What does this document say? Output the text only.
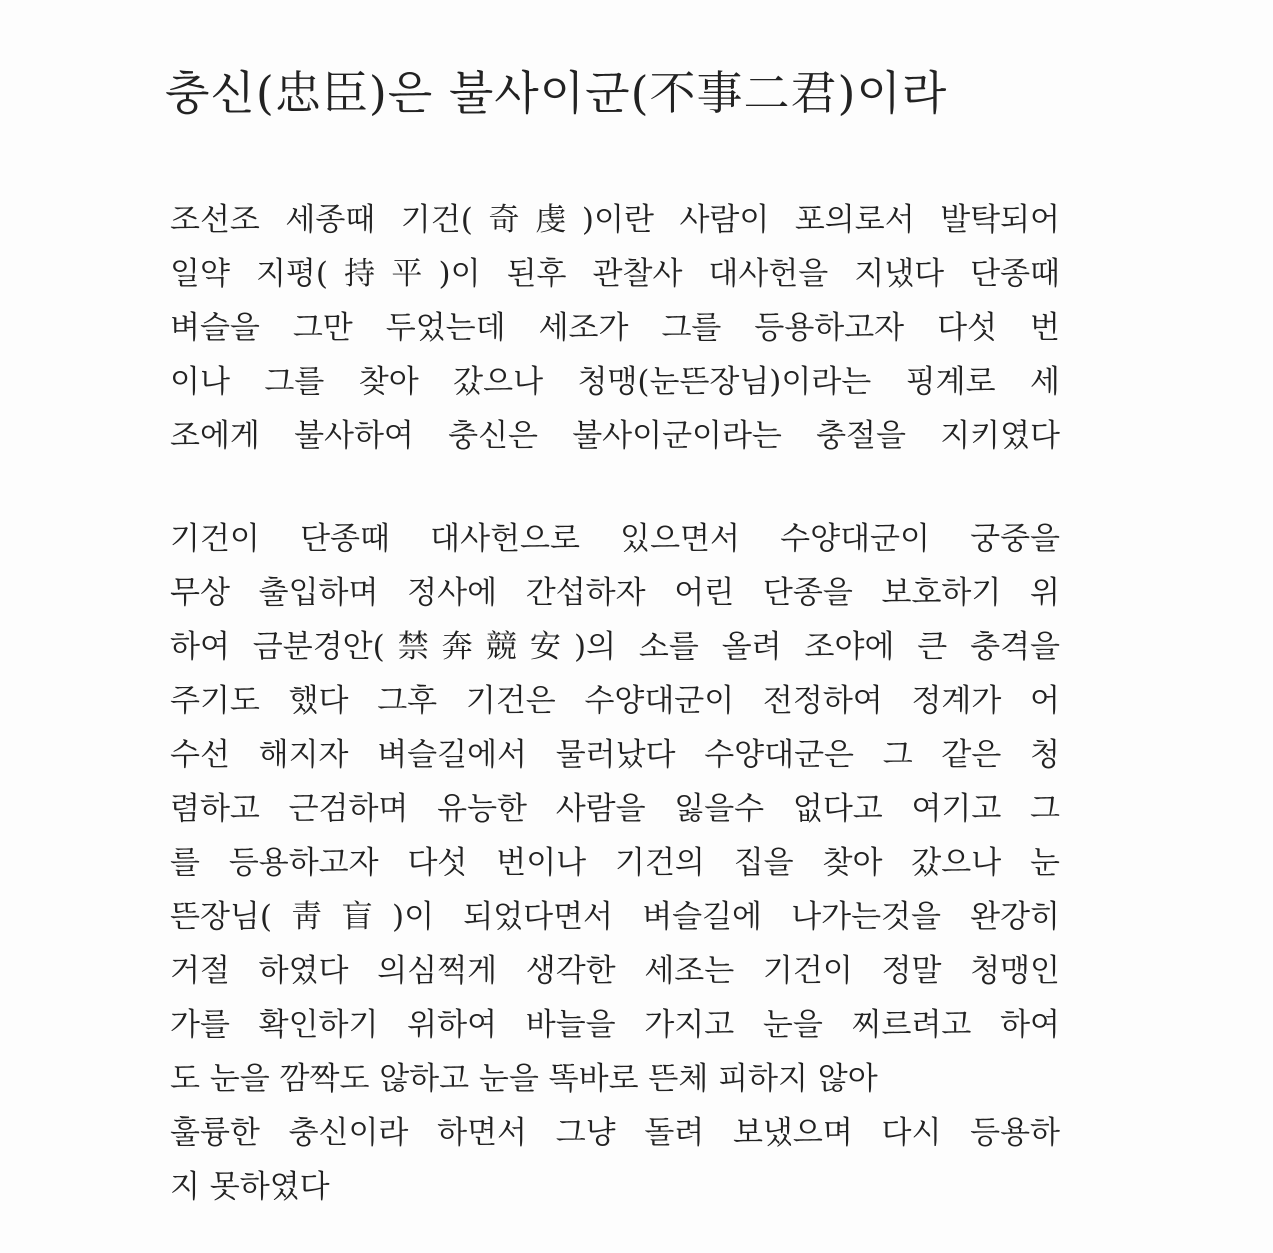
충신(忠臣)은 불사이군(不事二君)이라
조선조 세종때 기건(奇虔)이란 사람이 포의로서 발탁되어
일약 지평(持平)이 된후 관찰사 대사헌을 지냈다 단종때
벼슬을 그만 두었는데 세조가 그를 등용하고자 다섯 번
이나 그를 찾아 갔으나 청맹(눈뜬장님)이라는 핑계로 세
조에게 불사하여 충신은 불사이군이라는 충절을 지키였다
기건이 단종때 대사헌으로 있으면서 수양대군이 궁중을
무상 출입하며 정사에 간섭하자 어린 단종을 보호하기 위
하여 금분경안(禁奔競安)의 소를 올려 조야에 큰 충격을
주기도 했다 그후 기건은 수양대군이 전정하여 정계가 어
수선 해지자 벼슬길에서 물러났다 수양대군은 그 같은 청
렴하고 근검하며 유능한 사람을 잃을수 없다고 여기고 그
를 등용하고자 다섯 번이나 기건의 집을 찾아 갔으나 눈
뜬장님(靑盲)이 되었다면서 벼슬길에 나가는것을 완강히
거절 하였다 의심쩍게 생각한 세조는 기건이 정말 청맹인
가를 확인하기 위하여 바늘을 가지고 눈을 찌르려고 하여
도 눈을 깜짝도 않하고 눈을 똑바로 뜬체 피하지 않아
훌륭한 충신이라 하면서 그냥 돌려 보냈으며 다시 등용하
지 못하였다
